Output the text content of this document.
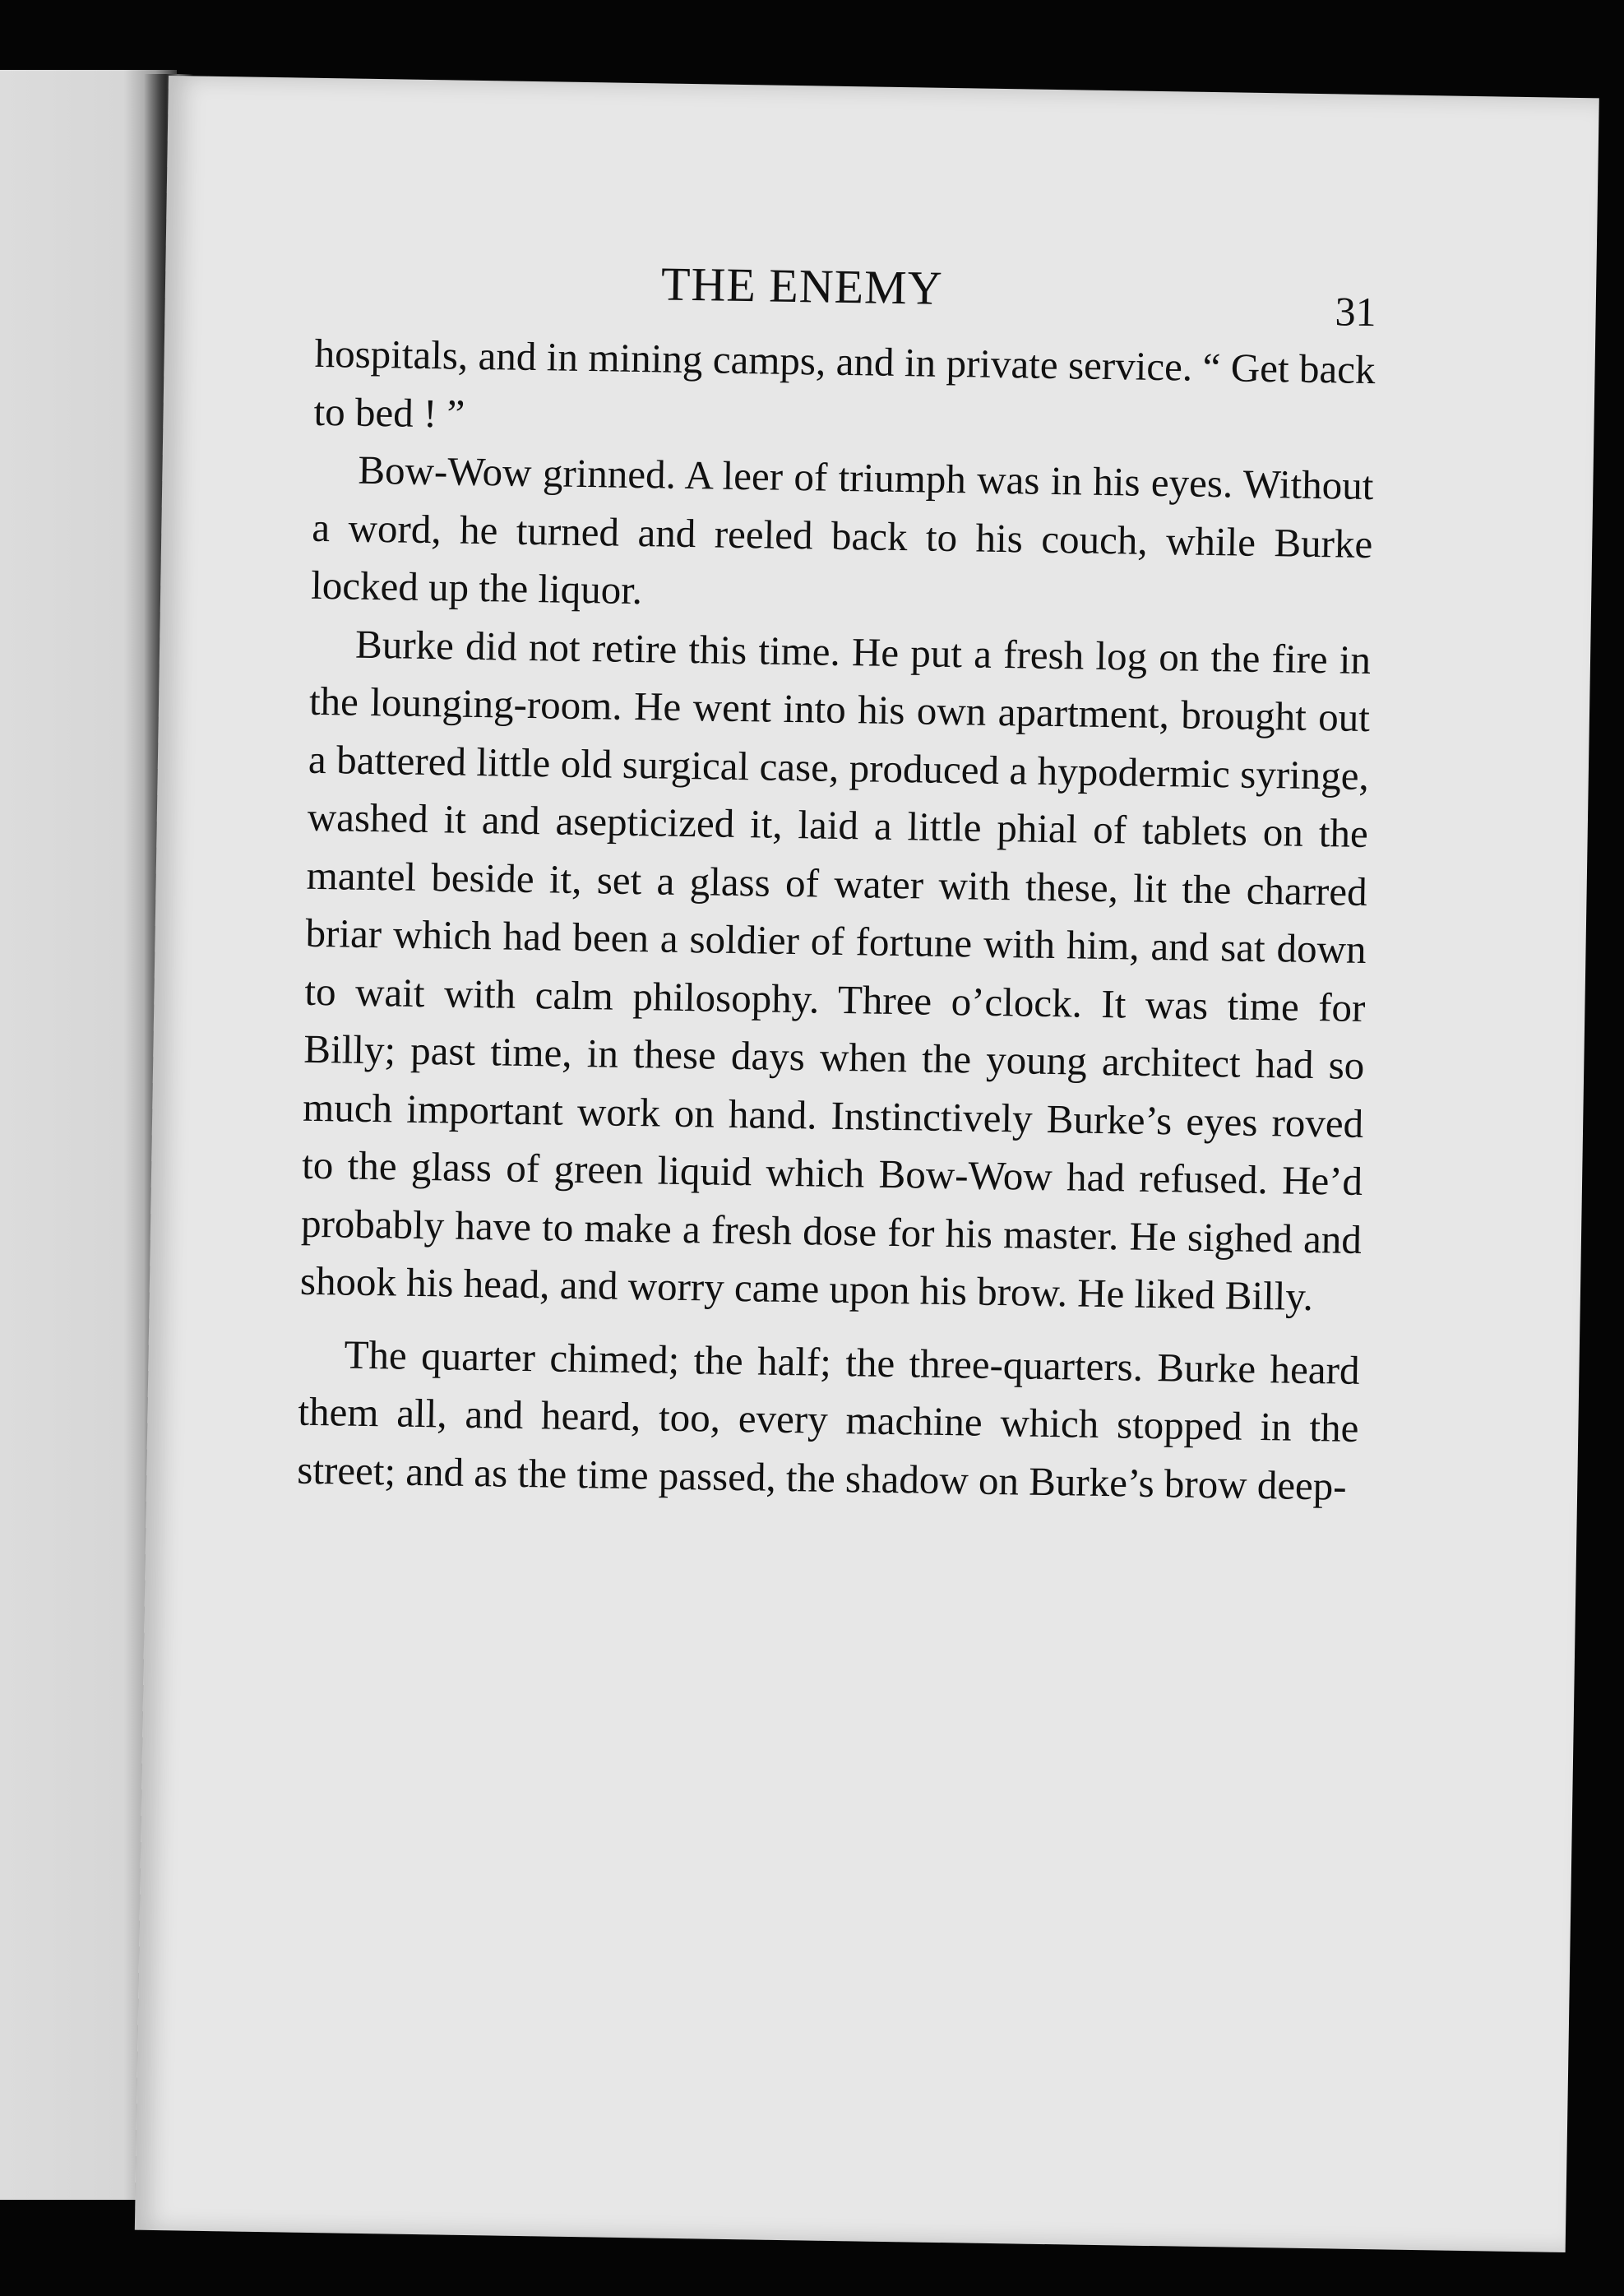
THE ENEMY	31

hospitals, and in mining camps, and in private service. “ Get back to bed ! ”

Bow-Wow grinned. A leer of triumph was in his eyes. Without a word, he turned and reeled back to his couch, while Burke locked up the liquor.

Burke did not retire this time. He put a fresh log on the fire in the lounging-room. He went into his own apartment, brought out a battered little old surgical case, produced a hypodermic syringe, washed it and asepticized it, laid a little phial of tablets on the mantel beside it, set a glass of water with these, lit the charred briar which had been a soldier of fortune with him, and sat down to wait with calm philosophy. Three o’clock. It was time for Billy; past time, in these days when the young architect had so much important work on hand. Instinctively Burke’s eyes roved to the glass of green liquid which Bow-Wow had refused. He’d probably have to make a fresh dose for his master. He sighed and shook his head, and worry came upon his brow. He liked Billy.

The quarter chimed; the half; the three-quarters. Burke heard them all, and heard, too, every machine which stopped in the street; and as the time passed, the shadow on Burke’s brow deep-
